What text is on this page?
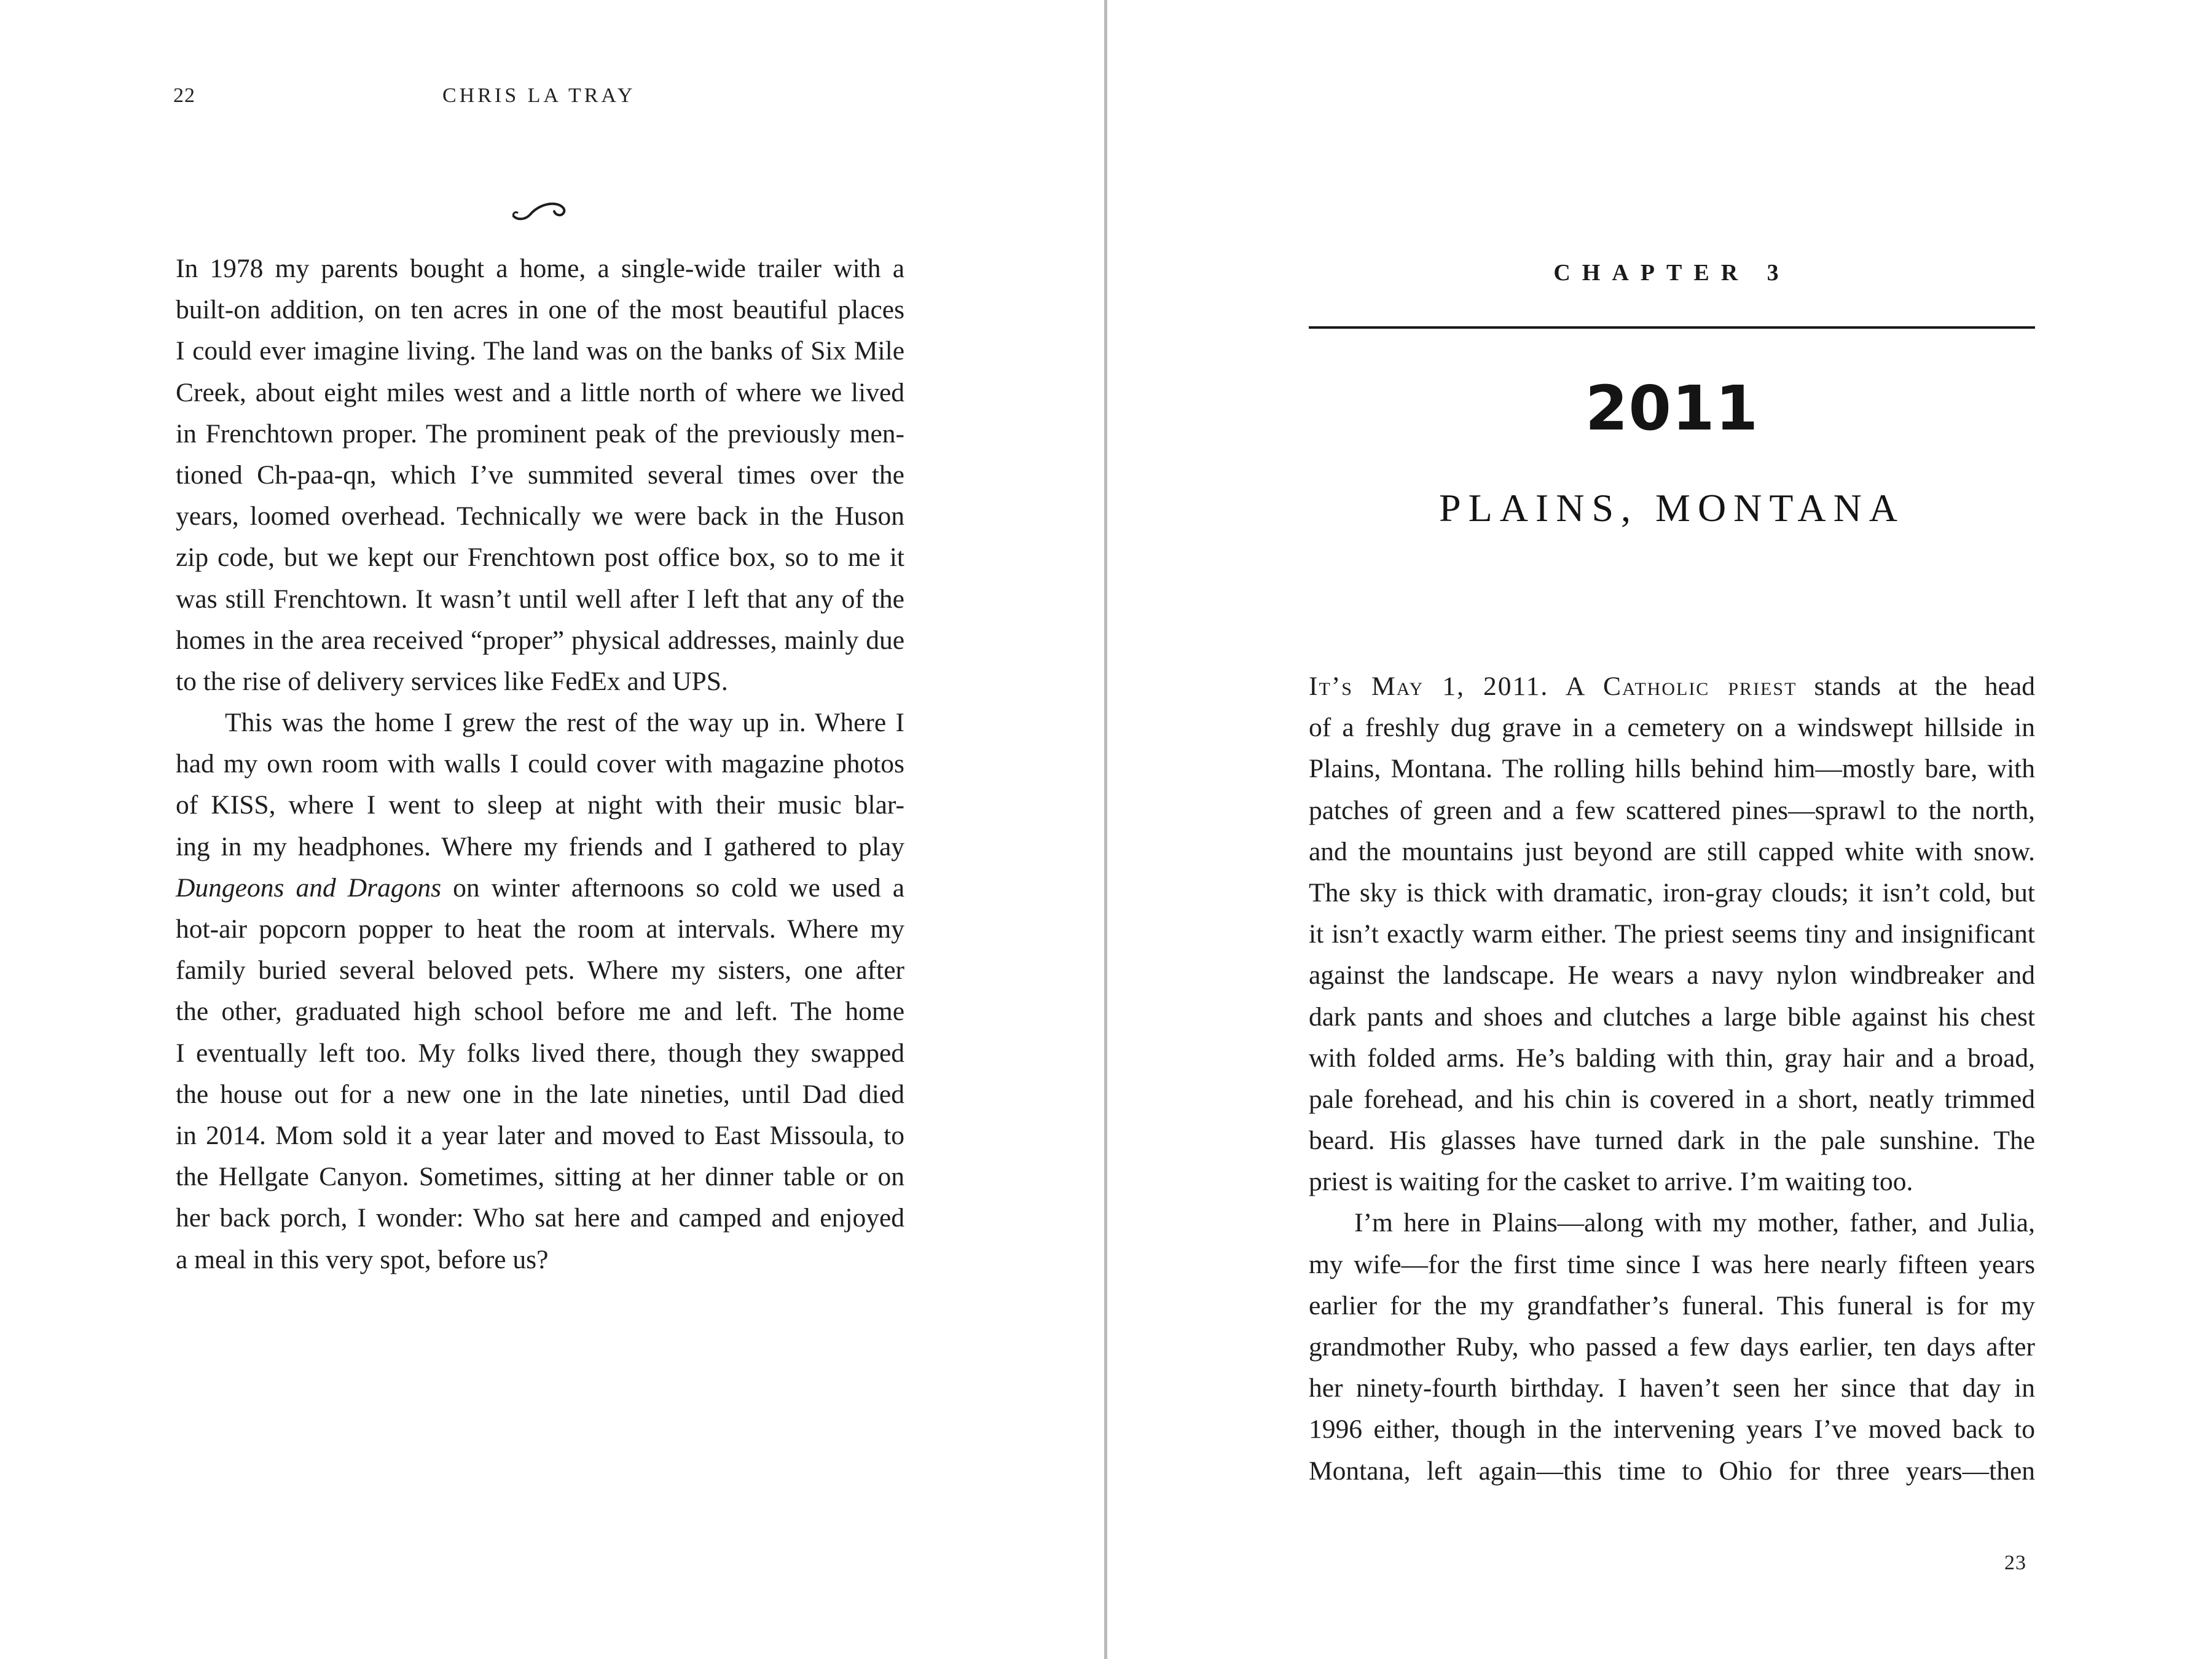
22	CHRIS LA TRAY
In 1978 my parents bought a home, a single-wide trailer with a
built-on addition, on ten acres in one of the most beautiful places
I could ever imagine living. The land was on the banks of Six Mile
Creek, about eight miles west and a little north of where we lived
in Frenchtown proper. The prominent peak of the previously men-
tioned Ch-paa-qn, which I’ve summited several times over the
years, loomed overhead. Technically we were back in the Huson
zip code, but we kept our Frenchtown post office box, so to me it
was still Frenchtown. It wasn’t until well after I left that any of the
homes in the area received “proper” physical addresses, mainly due
to the rise of delivery services like FedEx and UPS.
This was the home I grew the rest of the way up in. Where I
had my own room with walls I could cover with magazine photos
of KISS, where I went to sleep at night with their music blar-
ing in my headphones. Where my friends and I gathered to play
Dungeons and Dragons on winter afternoons so cold we used a
hot-air popcorn popper to heat the room at intervals. Where my
family buried several beloved pets. Where my sisters, one after
the other, graduated high school before me and left. The home
I eventually left too. My folks lived there, though they swapped
the house out for a new one in the late nineties, until Dad died
in 2014. Mom sold it a year later and moved to East Missoula, to
the Hellgate Canyon. Sometimes, sitting at her dinner table or on
her back porch, I wonder: Who sat here and camped and enjoyed
a meal in this very spot, before us?
CHAPTER 3
2011
PLAINS, MONTANA
It’s May 1, 2011. A Catholic priest stands at the head
of a freshly dug grave in a cemetery on a windswept hillside in
Plains, Montana. The rolling hills behind him—mostly bare, with
patches of green and a few scattered pines—sprawl to the north,
and the mountains just beyond are still capped white with snow.
The sky is thick with dramatic, iron-gray clouds; it isn’t cold, but
it isn’t exactly warm either. The priest seems tiny and insignificant
against the landscape. He wears a navy nylon windbreaker and
dark pants and shoes and clutches a large bible against his chest
with folded arms. He’s balding with thin, gray hair and a broad,
pale forehead, and his chin is covered in a short, neatly trimmed
beard. His glasses have turned dark in the pale sunshine. The
priest is waiting for the casket to arrive. I’m waiting too.
I’m here in Plains—along with my mother, father, and Julia,
my wife—for the first time since I was here nearly fifteen years
earlier for the my grandfather’s funeral. This funeral is for my
grandmother Ruby, who passed a few days earlier, ten days after
her ninety-fourth birthday. I haven’t seen her since that day in
1996 either, though in the intervening years I’ve moved back to
Montana, left again—this time to Ohio for three years—then
23
